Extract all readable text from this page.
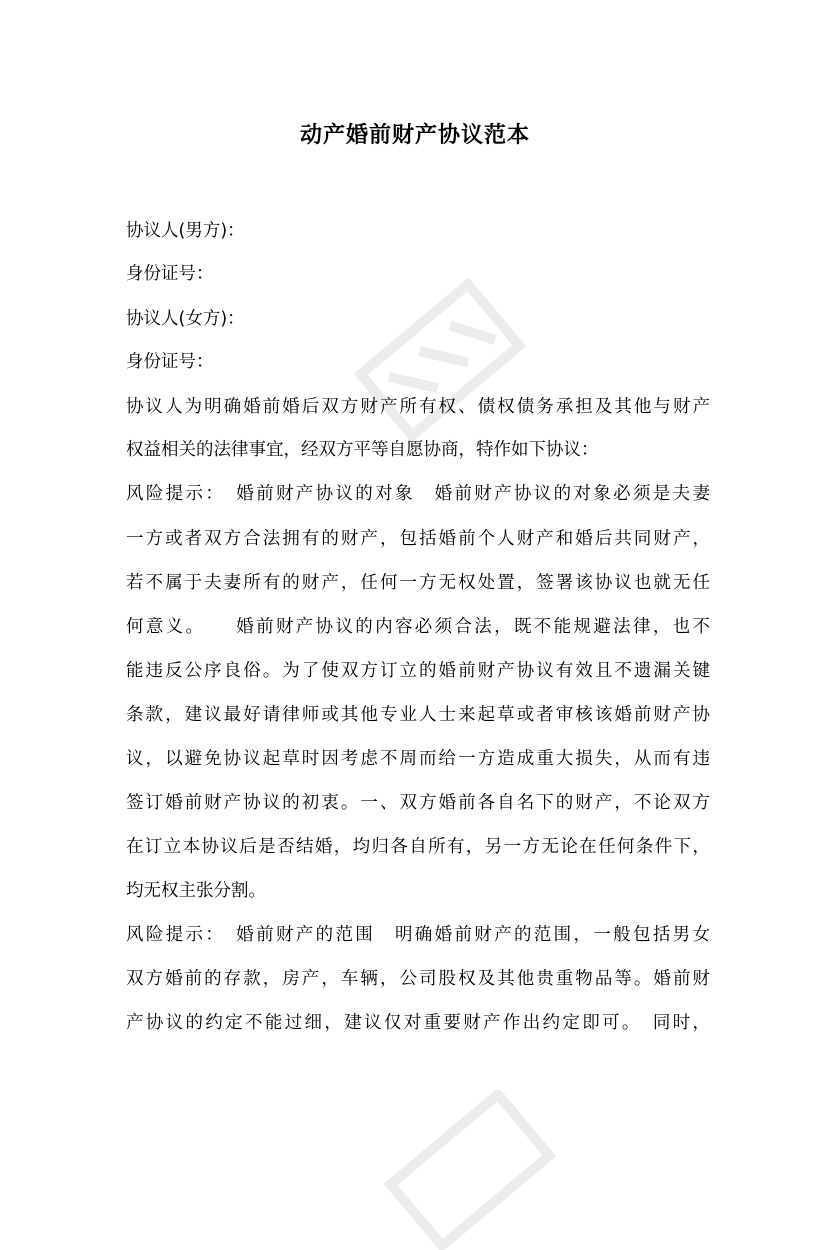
动产婚前财产协议范本
协议人(男方)：
身份证号：
协议人(女方)：
身份证号：
协议人为明确婚前婚后双方财产所有权、债权债务承担及其他与财产
权益相关的法律事宜，经双方平等自愿协商，特作如下协议：
风险提示：　婚前财产协议的对象　婚前财产协议的对象必须是夫妻
一方或者双方合法拥有的财产，包括婚前个人财产和婚后共同财产，
若不属于夫妻所有的财产，任何一方无权处置，签署该协议也就无任
何意义。　　婚前财产协议的内容必须合法，既不能规避法律，也不
能违反公序良俗。为了使双方订立的婚前财产协议有效且不遗漏关键
条款，建议最好请律师或其他专业人士来起草或者审核该婚前财产协
议，以避免协议起草时因考虑不周而给一方造成重大损失，从而有违
签订婚前财产协议的初衷。一、双方婚前各自名下的财产，不论双方
在订立本协议后是否结婚，均归各自所有，另一方无论在任何条件下，
均无权主张分割。
风险提示：　婚前财产的范围　明确婚前财产的范围，一般包括男女
双方婚前的存款，房产，车辆，公司股权及其他贵重物品等。婚前财
产协议的约定不能过细，建议仅对重要财产作出约定即可。　同时，
